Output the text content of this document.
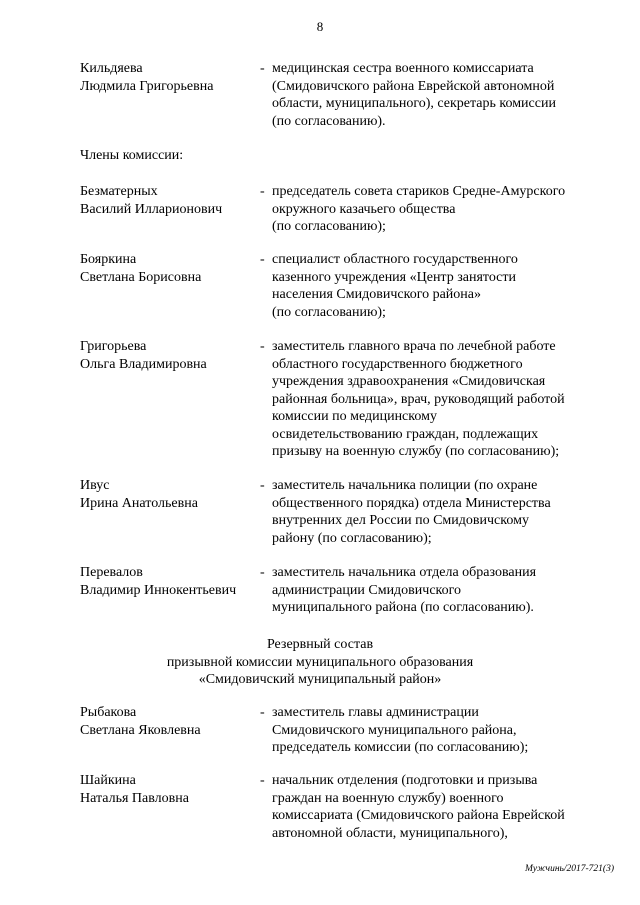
8
Кильдяева
Людмила Григорьевна
- медицинская сестра военного комиссариата
(Смидовичского района Еврейской автономной
области, муниципального), секретарь комиссии
(по согласованию).
Члены комиссии:
Безматерных
Василий Илларионович
- председатель совета стариков Средне-Амурского
окружного казачьего общества
(по согласованию);
Бояркина
Светлана Борисовна
- специалист областного государственного
казенного учреждения «Центр занятости
населения Смидовичского района»
(по согласованию);
Григорьева
Ольга Владимировна
- заместитель главного врача по лечебной работе
областного государственного бюджетного
учреждения здравоохранения «Смидовичская
районная больница», врач, руководящий работой
комиссии по медицинскому
освидетельствованию граждан, подлежащих
призыву на военную службу (по согласованию);
Ивус
Ирина Анатольевна
- заместитель начальника полиции (по охране
общественного порядка) отдела Министерства
внутренних дел России по Смидовичскому
району (по согласованию);
Перевалов
Владимир Иннокентьевич
- заместитель начальника отдела образования
администрации Смидовичского
муниципального района (по согласованию).
Резервный состав
призывной комиссии муниципального образования
«Смидовичский муниципальный район»
Рыбакова
Светлана Яковлевна
- заместитель главы администрации
Смидовичского муниципального района,
председатель комиссии (по согласованию);
Шайкина
Наталья Павловна
- начальник отделения (подготовки и призыва
граждан на военную службу) военного
комиссариата (Смидовичского района Еврейской
автономной области, муниципального),
Мужчинь/2017-721(3)
